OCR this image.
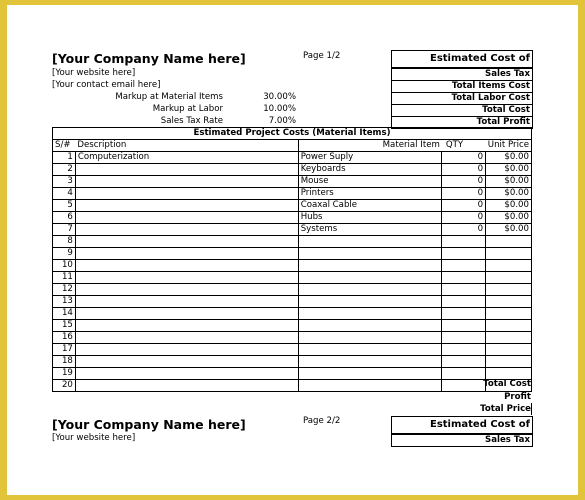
[Your Company Name here]	Page 1/2
[Your website here]
[Your contact email here]
Markup at Material Items	30.00%
Markup at Labor	10.00%
Sales Tax Rate	7.00%
Estimated Cost of
Sales Tax
Total Items Cost
Total Labor Cost
Total Cost
Total Profit
Estimated Project Costs (Material Items)				
S/#	Description	Material Item	QTY	Unit Price
1	Computerization	Power Suply	0	$0.00
2		Keyboards	0	$0.00
3		Mouse	0	$0.00
4		Printers	0	$0.00
5		Coaxal Cable	0	$0.00
6		Hubs	0	$0.00
7		Systems	0	$0.00
8				
9				
10				
11				
12				
13				
14				
15				
16				
17				
18				
19				
20					Total Cost
Profit
Total Price
[Your Company Name here]	Page 2/2
[Your website here]
Estimated Cost of
Sales Tax
